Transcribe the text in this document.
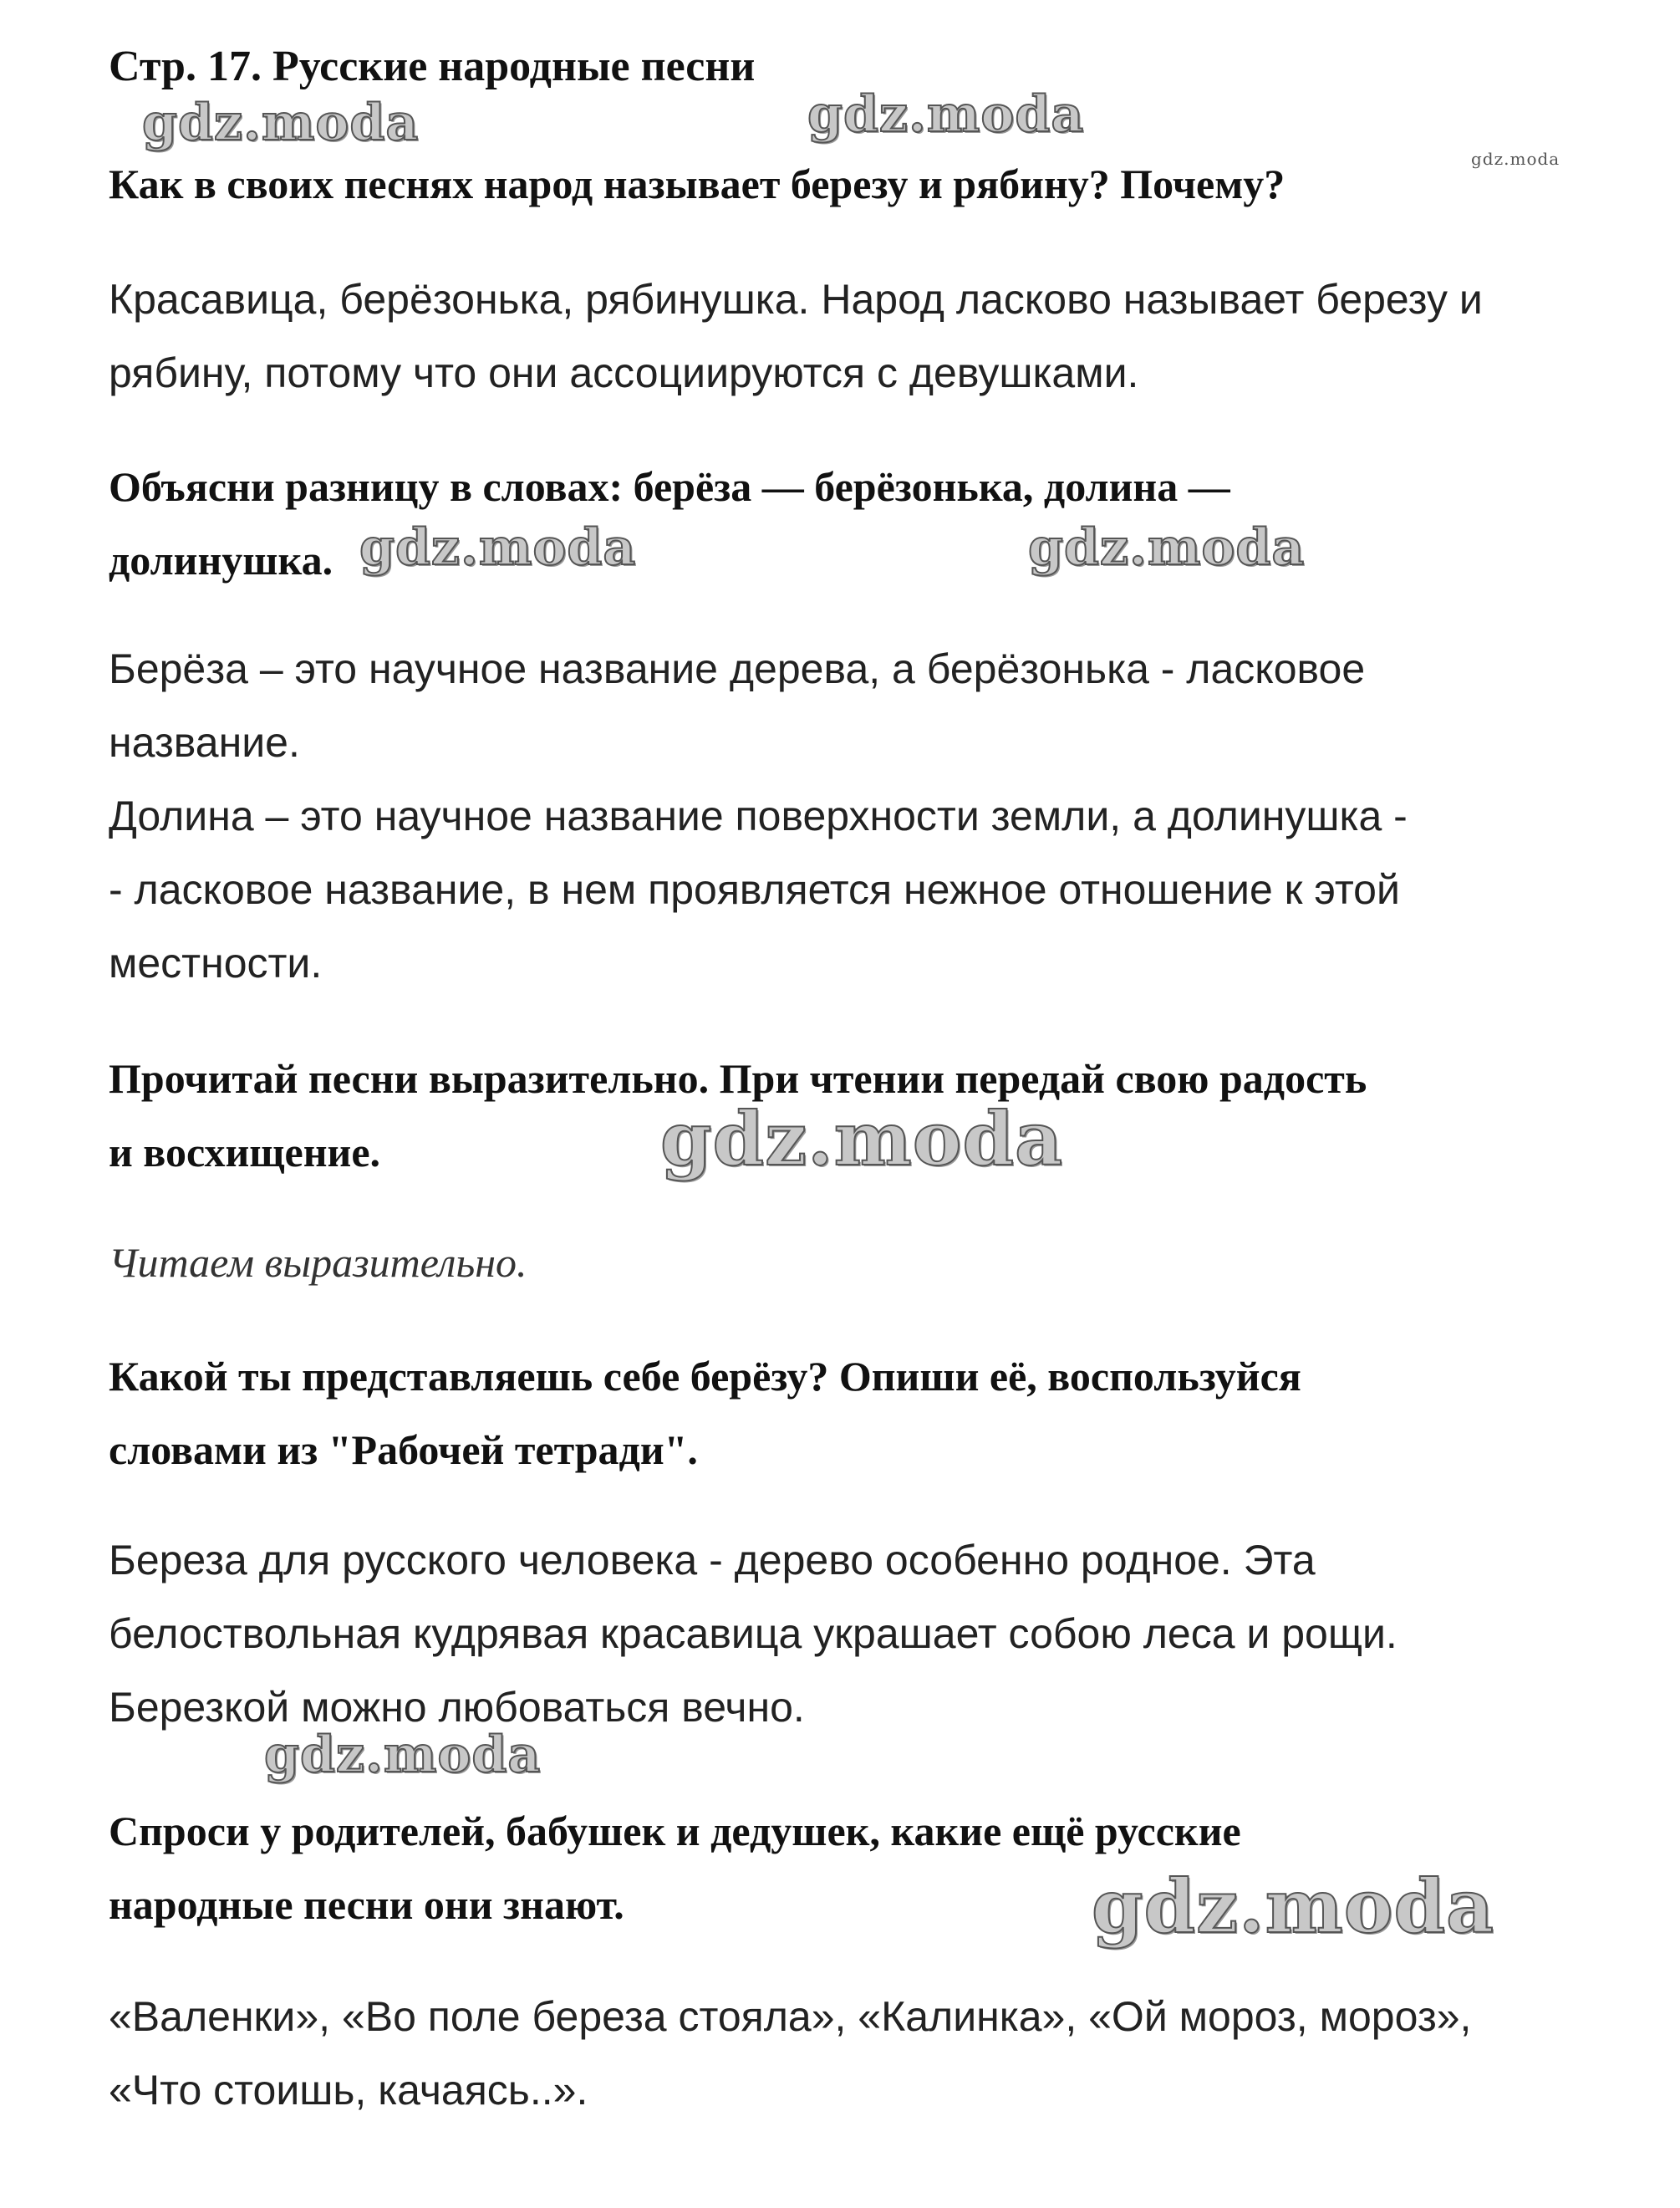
Стр. 17. Русские народные песни
Как в своих песнях народ называет березу и рябину? Почему?
Красавица, берёзонька, рябинушка. Народ ласково называет березу и
рябину, потому что они ассоциируются с девушками.
Объясни разницу в словах: берёза — берёзонька, долина —
долинушка.
Берёза – это научное название дерева, а берёзонька - ласковое
название.
Долина – это научное название поверхности земли, а долинушка -
- ласковое название, в нем проявляется нежное отношение к этой
местности.
Прочитай песни выразительно. При чтении передай свою радость
и восхищение.
Читаем выразительно.
Какой ты представляешь себе берёзу? Опиши её, воспользуйся
словами из "Рабочей тетради".
Береза для русского человека - дерево особенно родное. Эта
белоствольная кудрявая красавица украшает собою леса и рощи.
Березкой можно любоваться вечно.
Спроси у родителей, бабушек и дедушек, какие ещё русские
народные песни они знают.
«Валенки», «Во поле береза стояла», «Калинка», «Ой мороз, мороз»,
«Что стоишь, качаясь..».
gdz.moda	gdz.moda
gdz.moda
gdz.moda	gdz.moda
gdz.moda
gdz.moda
gdz.moda
